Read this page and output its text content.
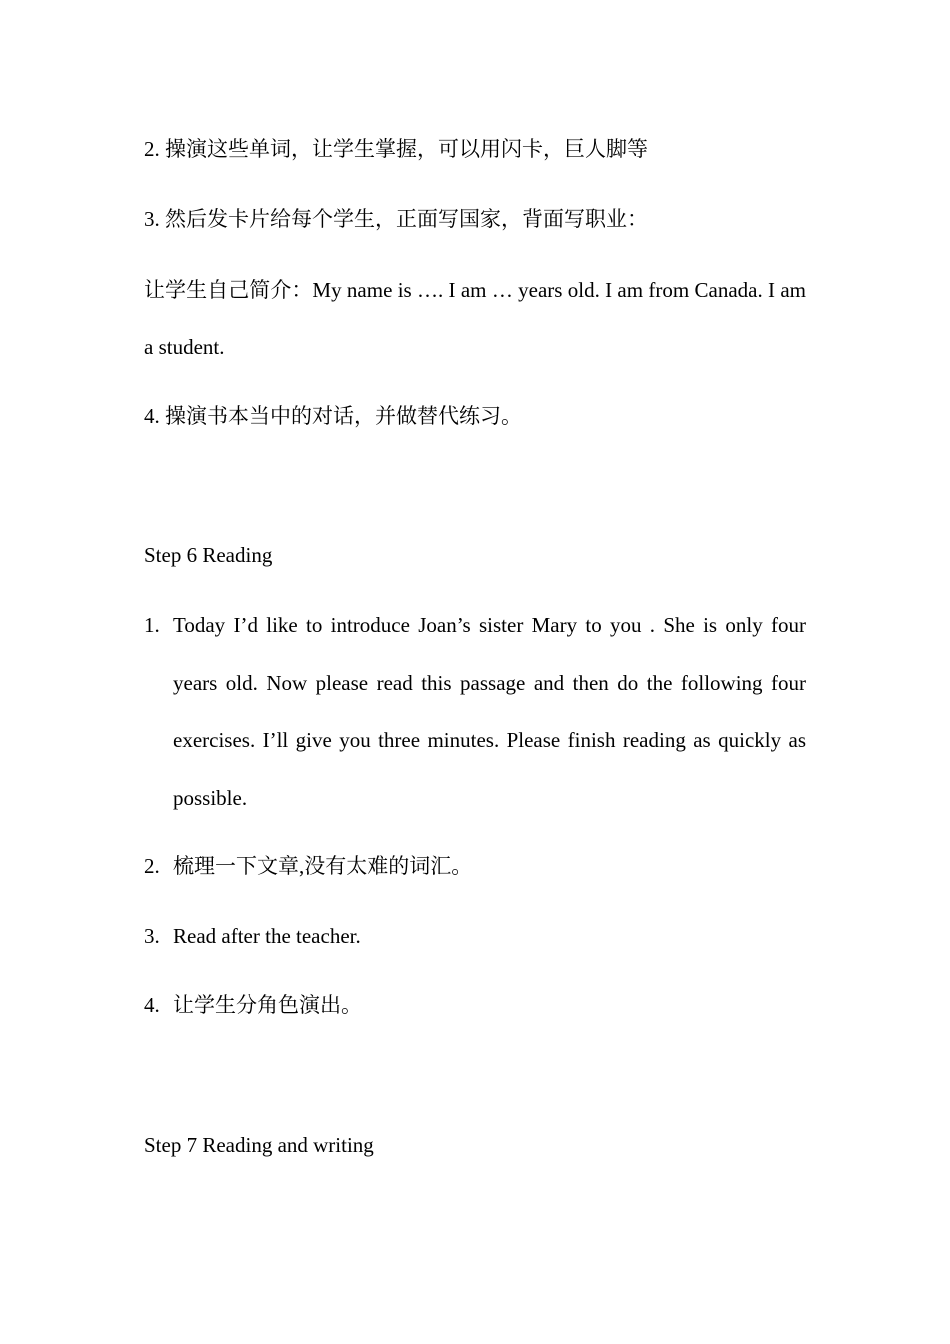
2. 操演这些单词，让学生掌握，可以用闪卡，巨人脚等
3. 然后发卡片给每个学生，正面写国家，背面写职业：
让学生自己简介：My name is …. I am … years old. I am from Canada. I am a student.
4. 操演书本当中的对话，并做替代练习。
Step 6 Reading
1. Today I’d like to introduce Joan’s sister Mary to you . She is only four years old. Now please read this passage and then do the following four exercises. I’ll give you three minutes. Please finish reading as quickly as possible.
2. 梳理一下文章,没有太难的词汇。
3. Read after the teacher.
4. 让学生分角色演出。
Step 7 Reading and writing
